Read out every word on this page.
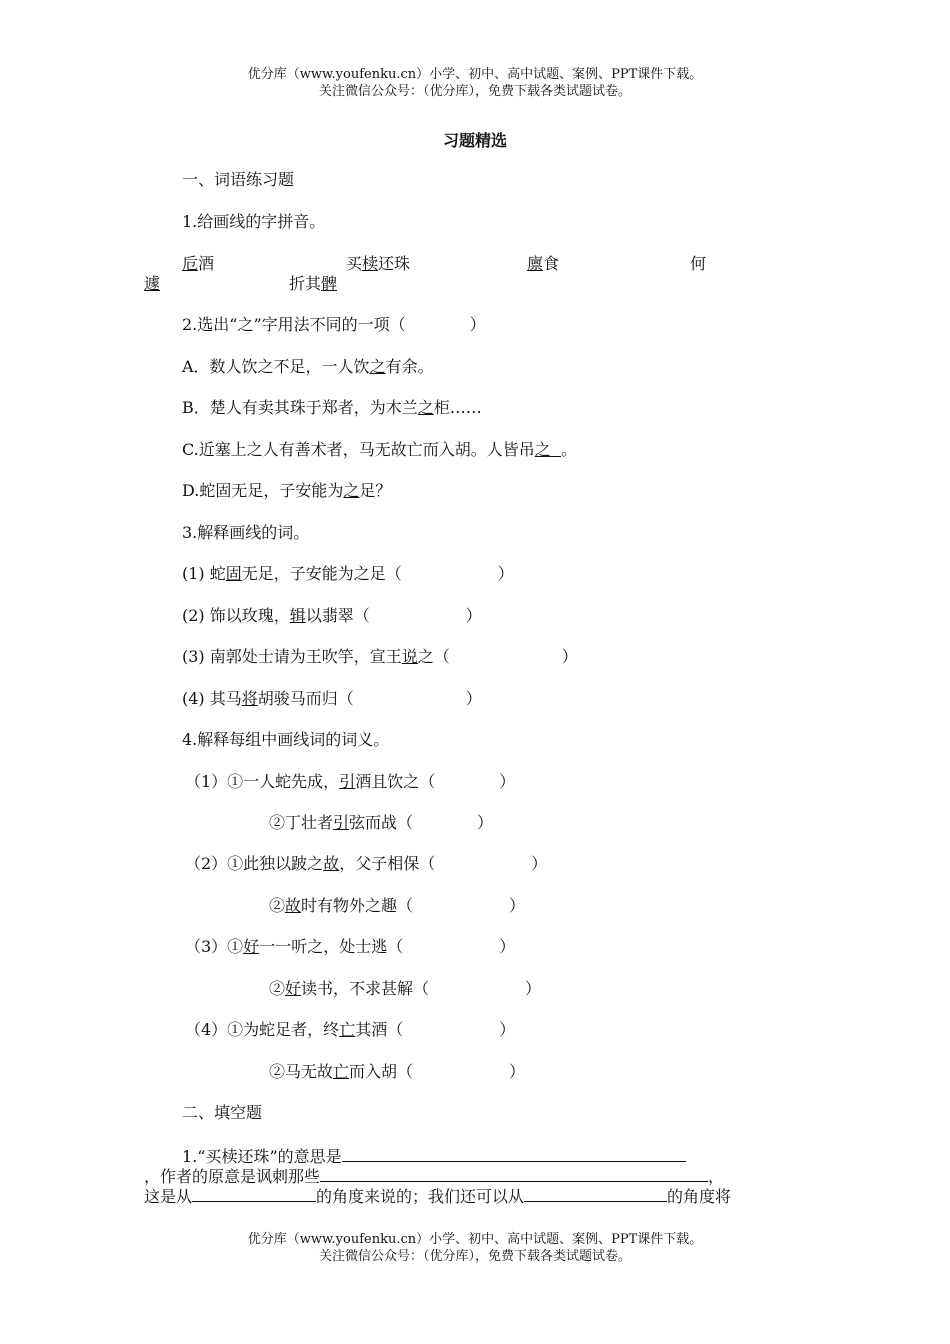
优分库（www.youfenku.cn）小学、初中、高中试题、案例、PPT课件下载。
关注微信公众号：（优分库），免费下载各类试题试卷。
习题精选
一、词语练习题
1.给画线的字拼音。
卮酒	买椟还珠	廪食	何
遽	折其髀
2.选出“之”字用法不同的一项（　　　　）
A．数人饮之不足，一人饮之有余。
B．楚人有卖其珠于郑者，为木兰之柜……
C.近塞上之人有善术者，马无故亡而入胡。人皆吊之 。
D.蛇固无足，子安能为之足？
3.解释画线的词。
(1) 蛇固无足，子安能为之足（　　　　　　）
(2) 饰以玫瑰，辑以翡翠（　　　　　　）
(3) 南郭处士请为王吹竽，宣王说之（　　　　　　　）
(4) 其马将胡骏马而归（　　　　　　　）
4.解释每组中画线词的词义。
（1）①一人蛇先成，引酒且饮之（　　　　）
②丁壮者引弦而战（　　　　）
（2）①此独以跛之故，父子相保（　　　　　　）
②故时有物外之趣（　　　　　　）
（3）①好一一听之，处士逃（　　　　　　）
②好读书，不求甚解（　　　　　　）
（4）①为蛇足者，终亡其酒（　　　　　　）
②马无故亡而入胡（　　　　　　）
二、填空题
1.“买椟还珠”的意思是
，作者的原意是讽刺那些	，
这是从	的角度来说的；我们还可以从	的角度将
优分库（www.youfenku.cn）小学、初中、高中试题、案例、PPT课件下载。
关注微信公众号：（优分库），免费下载各类试题试卷。
